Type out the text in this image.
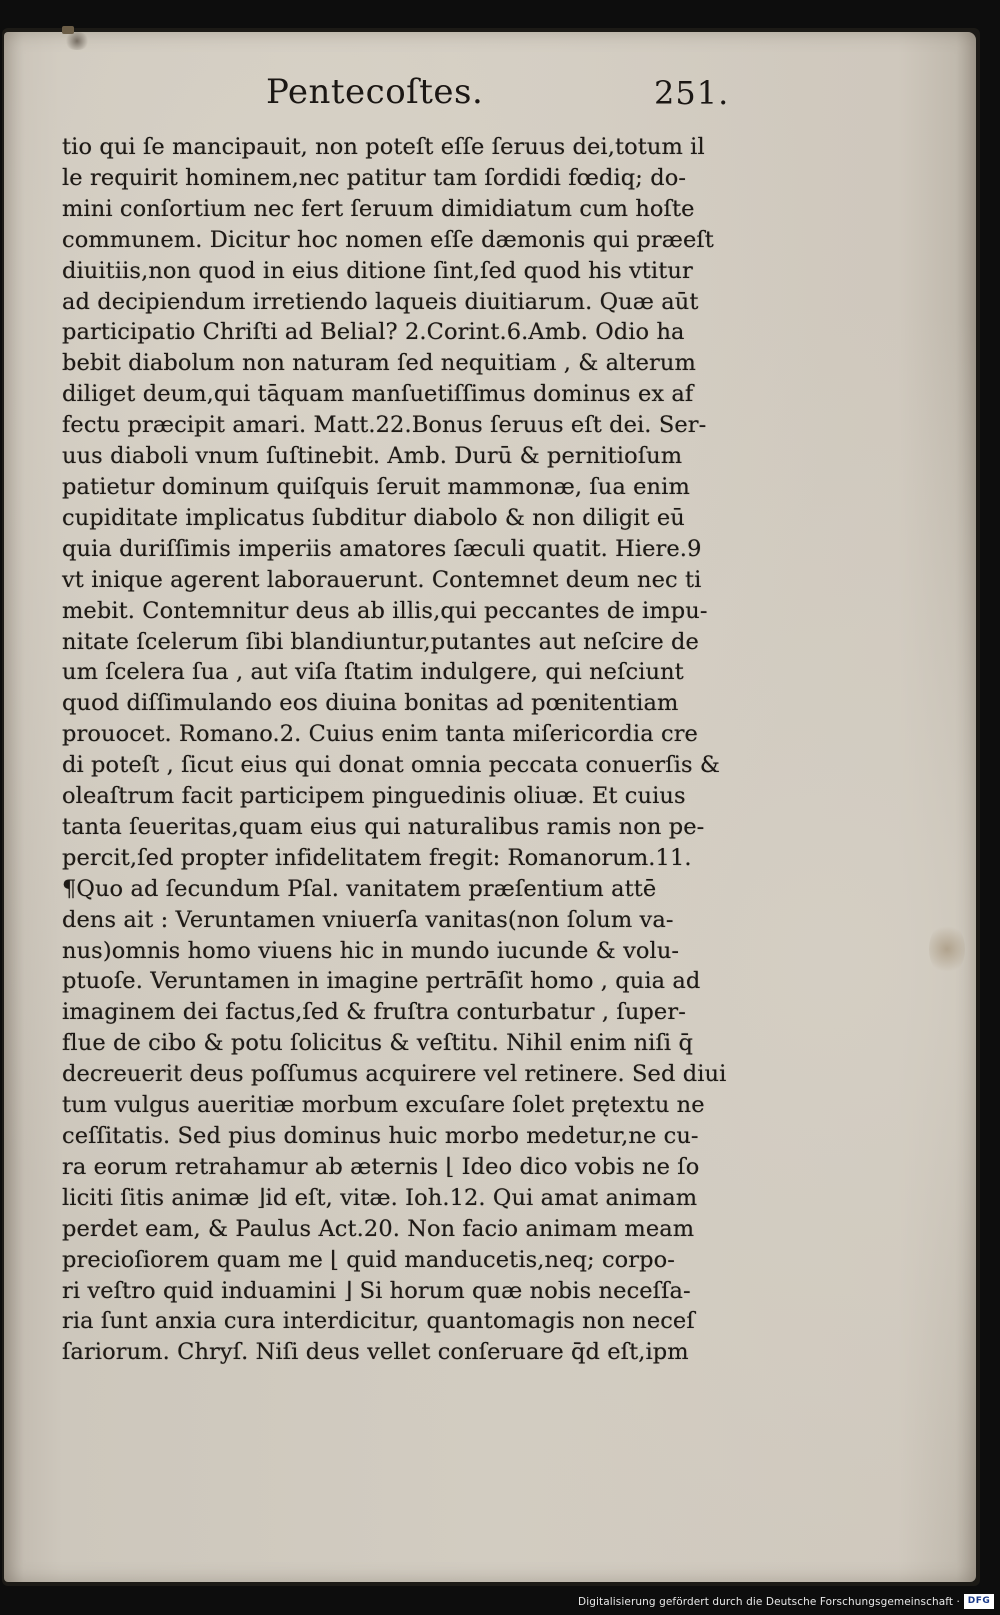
Pentecoſtes.	251.
tio qui ſe mancipauit, non poteſt eſſe ſeruus dei,totum il
le requirit hominem,nec patitur tam ſordidi fœdiq; do-
mini conſortium nec fert ſeruum dimidiatum cum hoſte
communem. Dicitur hoc nomen eſſe dæmonis qui præeſt
diuitiis,non quod in eius ditione ſint,ſed quod his vtitur
ad decipiendum irretiendo laqueis diuitiarum. Quæ aūt
participatio Chriſti ad Belial? 2.Corint.6.Amb. Odio ha
bebit diabolum non naturam ſed nequitiam , & alterum
diliget deum,qui tāquam manſuetiſſimus dominus ex af
fectu præcipit amari. Matt.22.Bonus ſeruus eſt dei. Ser-
uus diaboli vnum ſuſtinebit. Amb. Durū & pernitioſum
patietur dominum quiſquis ſeruit mammonæ, ſua enim
cupiditate implicatus ſubditur diabolo & non diligit eū
quia duriſſimis imperiis amatores ſæculi quatit. Hiere.9
vt inique agerent laborauerunt. Contemnet deum nec ti
mebit. Contemnitur deus ab illis,qui peccantes de impu-
nitate ſcelerum ſibi blandiuntur,putantes aut neſcire de
um ſcelera ſua , aut viſa ſtatim indulgere, qui neſciunt
quod diſſimulando eos diuina bonitas ad pœnitentiam
prouocet. Romano.2. Cuius enim tanta miſericordia cre
di poteſt , ſicut eius qui donat omnia peccata conuerſis &
oleaſtrum facit participem pinguedinis oliuæ. Et cuius
tanta ſeueritas,quam eius qui naturalibus ramis non pe-
percit,ſed propter infidelitatem fregit: Romanorum.11.
¶Quo ad ſecundum Pſal. vanitatem præſentium attē
dens ait : Veruntamen vniuerſa vanitas(non ſolum va-
nus)omnis homo viuens hic in mundo iucunde & volu-
ptuoſe. Veruntamen in imagine pertrāſit homo , quia ad
imaginem dei factus,ſed & fruſtra conturbatur , ſuper-
flue de cibo & potu ſolicitus & veſtitu. Nihil enim niſi q̄
decreuerit deus poſſumus acquirere vel retinere. Sed diui
tum vulgus aueritiæ morbum excuſare ſolet prętextu ne
ceſſitatis. Sed pius dominus huic morbo medetur,ne cu-
ra eorum retrahamur ab æternis ⌊ Ideo dico vobis ne ſo
liciti ſitis animæ ⌋id eſt, vitæ. Ioh.12. Qui amat animam
perdet eam, & Paulus Act.20. Non facio animam meam
precioſiorem quam me ⌊ quid manducetis,neq; corpo-
ri veſtro quid induamini ⌋ Si horum quæ nobis neceſſa-
ria ſunt anxia cura interdicitur, quantomagis non neceſ
ſariorum. Chryſ. Niſi deus vellet conſeruare q̄d eſt,ipm
Digitalisierung gefördert durch die Deutsche Forschungsgemeinschaft · DFG
